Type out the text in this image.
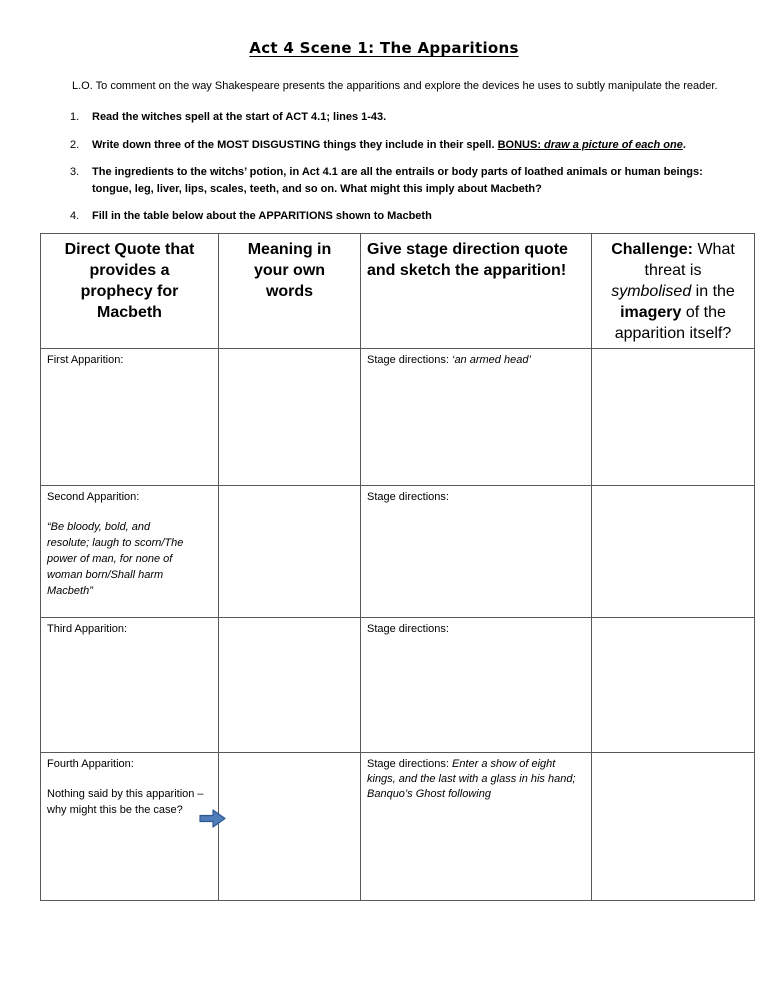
Act 4 Scene 1: The Apparitions

L.O. To comment on the way Shakespeare presents the apparitions and explore the devices he uses to subtly manipulate the reader.

1. Read the witches spell at the start of ACT 4.1; lines 1-43.
2. Write down three of the MOST DISGUSTING things they include in their spell. BONUS: draw a picture of each one.
3. The ingredients to the witchs’ potion, in Act 4.1 are all the entrails or body parts of loathed animals or human beings:
tongue, leg, liver, lips, scales, teeth, and so on. What might this imply about Macbeth?
4. Fill in the table below about the APPARITIONS shown to Macbeth
Direct Quote that
provides a
prophecy for
Macbeth	Meaning in
your own
words	Give stage direction quote
and sketch the apparition!	Challenge: What threat is symbolised in the imagery of the apparition itself?

First Apparition:		Stage directions: ‘an armed head’	
Second Apparition:
“Be bloody, bold, and
resolute; laugh to scorn/The
power of man, for none of
woman born/Shall harm
Macbeth”
		Stage directions:	
Third Apparition:		Stage directions:	
Fourth Apparition:
Nothing said by this apparition – why might this be the case?		Stage directions: Enter a show of eight kings, and the last with a glass in his hand; Banquo’s Ghost following	
